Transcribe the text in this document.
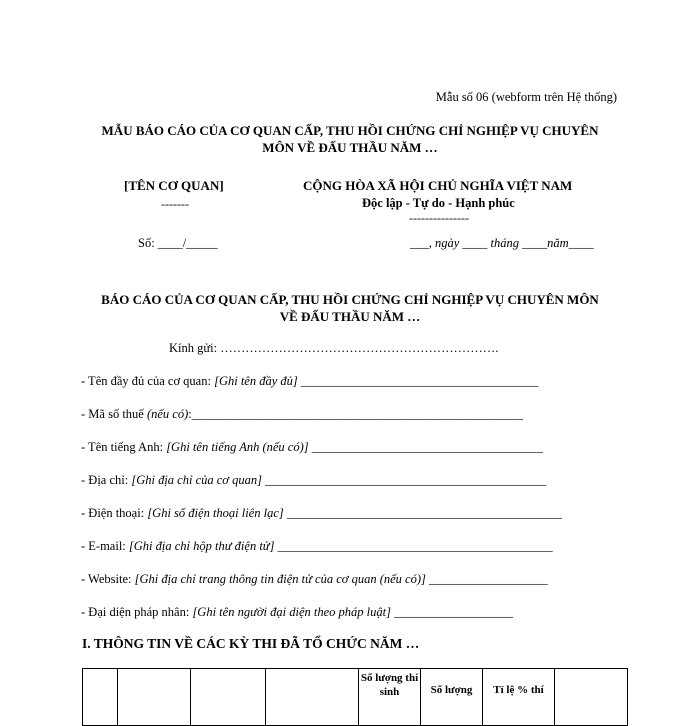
Mẫu số 06 (webform trên Hệ thống)
MẪU BÁO CÁO CỦA CƠ QUAN CẤP, THU HỒI CHỨNG CHỈ NGHIỆP VỤ CHUYÊN
MÔN VỀ ĐẤU THẦU NĂM …
[TÊN CƠ QUAN]
-------
CỘNG HÒA XÃ HỘI CHỦ NGHĨA VIỆT NAM
Độc lập - Tự do - Hạnh phúc
---------------
Số: ____/_____	___, ngày ____ tháng ____năm____
BÁO CÁO CỦA CƠ QUAN CẤP, THU HỒI CHỨNG CHỈ NGHIỆP VỤ CHUYÊN MÔN
VỀ ĐẤU THẦU NĂM …
Kính gửi: ………………………………………………………….
- Tên đầy đủ của cơ quan: [Ghi tên đầy đủ] ______________________________________
- Mã số thuế (nếu có):_____________________________________________________
- Tên tiếng Anh: [Ghi tên tiếng Anh (nếu có)] _____________________________________
- Địa chỉ: [Ghi địa chỉ của cơ quan] _____________________________________________
- Điện thoại: [Ghi số điện thoại liên lạc] ____________________________________________
- E-mail: [Ghi địa chỉ hộp thư điện tử] ____________________________________________
- Website: [Ghi địa chỉ trang thông tin điện tử của cơ quan (nếu có)] ___________________
- Đại diện pháp nhân: [Ghi tên người đại diện theo pháp luật] ___________________
I. THÔNG TIN VỀ CÁC KỲ THI ĐÃ TỔ CHỨC NĂM …
				Số lượng thí sinh	Số lượng	Tỉ lệ % thí	
